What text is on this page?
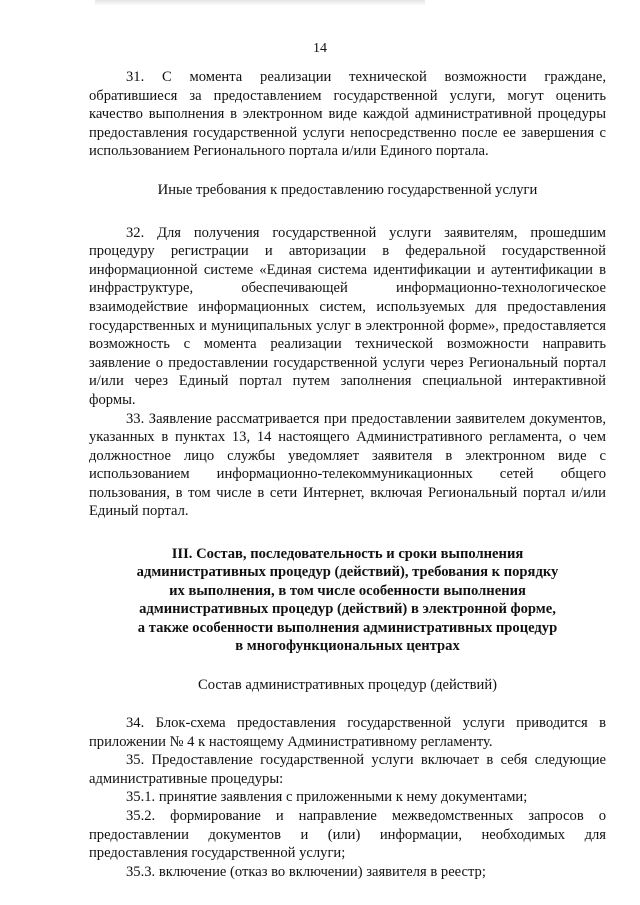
14

31. С момента реализации технической возможности граждане, обратившиеся за предоставлением государственной услуги, могут оценить качество выполнения в электронном виде каждой административной процедуры предоставления государственной услуги непосредственно после ее завершения с использованием Регионального портала и/или Единого портала.

Иные требования к предоставлению государственной услуги

32. Для получения государственной услуги заявителям, прошедшим процедуру регистрации и авторизации в федеральной государственной информационной системе «Единая система идентификации и аутентификации в инфраструктуре, обеспечивающей информационно-технологическое взаимодействие информационных систем, используемых для предоставления государственных и муниципальных услуг в электронной форме», предоставляется возможность с момента реализации технической возможности направить заявление о предоставлении государственной услуги через Региональный портал и/или через Единый портал путем заполнения специальной интерактивной формы.

33. Заявление рассматривается при предоставлении заявителем документов, указанных в пунктах 13, 14 настоящего Административного регламента, о чем должностное лицо службы уведомляет заявителя в электронном виде с использованием информационно-телекоммуникационных сетей общего пользования, в том числе в сети Интернет, включая Региональный портал и/или Единый портал.

III. Состав, последовательность и сроки выполнения

административных процедур (действий), требования к порядку

их выполнения, в том числе особенности выполнения

административных процедур (действий) в электронной форме,

а также особенности выполнения административных процедур

в многофункциональных центрах

Состав административных процедур (действий)

34. Блок-схема предоставления государственной услуги приводится в приложении № 4 к настоящему Административному регламенту.

35. Предоставление государственной услуги включает в себя следующие административные процедуры:

35.1. принятие заявления с приложенными к нему документами;

35.2. формирование и направление межведомственных запросов о предоставлении документов и (или) информации, необходимых для предоставления государственной услуги;

35.3. включение (отказ во включении) заявителя в реестр;
